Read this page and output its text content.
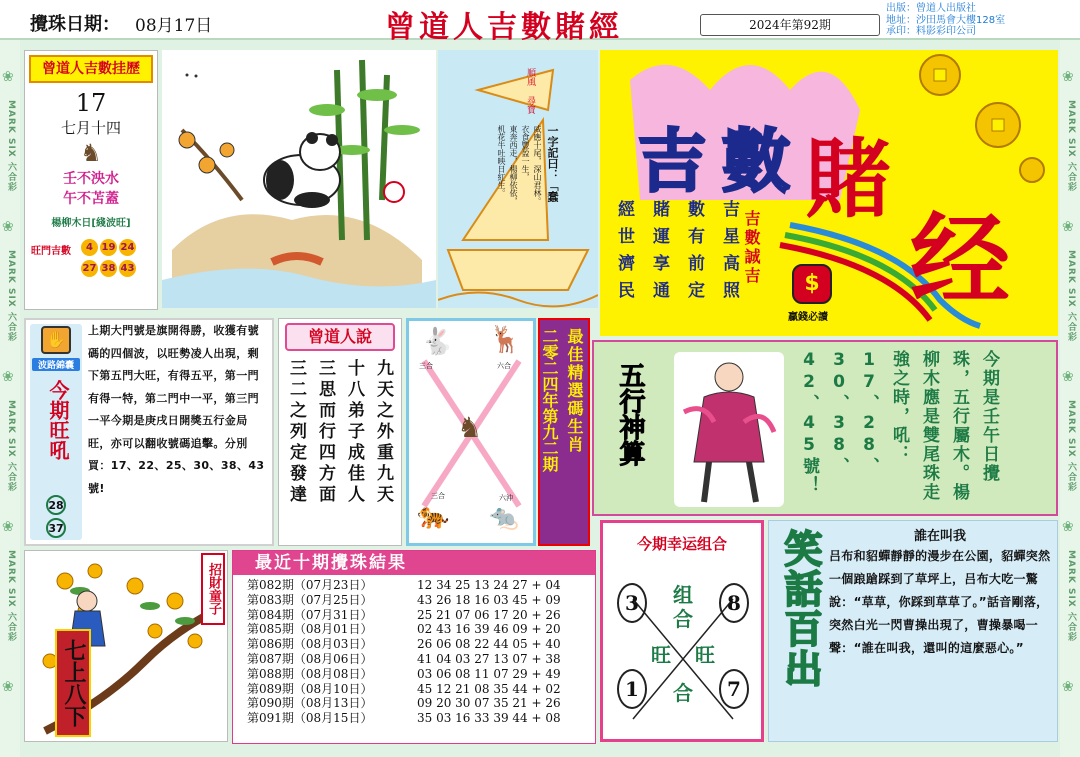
攪珠日期： 08月17日	曾道人吉數賭經	2024年第92期
出版：曾道人出版社
地址：沙田馬會大樓128室
承印：料影彩印公司
❀
MARK SIX 六合彩
❀
MARK SIX 六合彩
❀
MARK SIX 六合彩
❀
MARK SIX 六合彩
❀
❀
MARK SIX 六合彩
❀
MARK SIX 六合彩
❀
MARK SIX 六合彩
❀
MARK SIX 六合彩
❀
曾道人吉數挂歷
17
七月十四
♞
壬不泱水
午不苫蓋
楊柳木日[綫波旺]
旺門吉數	4 19 24
27 38 43
順風 尋寶
一字記曰：「蠢
威應十尾，深山君林。
衣食豐盈一生，
東奔西走，楊柳依依，
机花牛吐映日紅生。 吉 數 賭
经
吉星高照
數有前定
賭運享通
經世濟民	吉數誠吉	$
贏錢必讀
✋
波路錦囊
今期旺吼
28
37
上期大門號是旗開得勝，收獲有號碼的四個波，以旺勢凌人出現，剩下第五門大旺，有得五平，第一門有得一特，第二門中一平，第三門一平今期是庚戌日開獎五行金局旺，亦可以翻收號碼追擊。分別買：17、22、25、30、38、43號!
曾道人說
九天之外重九天
十八弟子成佳人
三思而行四方面
三二之列定發達
🐇 🦌
♞
🐅 🐀
三合	六合
三合	六沖
最佳精選碼生肖
二零二四年第九二期 五行神算	今期是壬午日攪珠，五行屬木。楊柳木應是雙尾珠走強之時，吼：17、28、30、38、42、45號！
招財童子
七上八下
最近十期攪珠結果
第082期（07月23日）	12 34 25 13 24 27 + 04
第083期（07月25日）	43 26 18 16 03 45 + 09
第084期（07月31日）	25 21 07 06 17 20 + 26
第085期（08月01日）	02 43 16 39 46 09 + 20
第086期（08月03日）	26 06 08 22 44 05 + 40
第087期（08月06日）	41 04 03 27 13 07 + 38
第088期（08月08日）	03 06 08 11 07 29 + 49
第089期（08月10日）	45 12 21 08 35 44 + 02
第090期（08月13日）	09 20 30 07 35 21 + 26
第091期（08月15日）	35 03 16 33 39 44 + 08
今期幸运组合
3	8
1	7
组
合
旺 旺
合
笑話百出	誰在叫我
吕布和貂蟬靜靜的漫步在公園，貂蟬突然一個踉蹌踩到了草坪上，吕布大吃一驚說：“草草，你踩到草草了。”話音剛落，突然白光一閃曹操出現了，曹操暴喝一聲：“誰在叫我，還叫的這麼惡心。”
